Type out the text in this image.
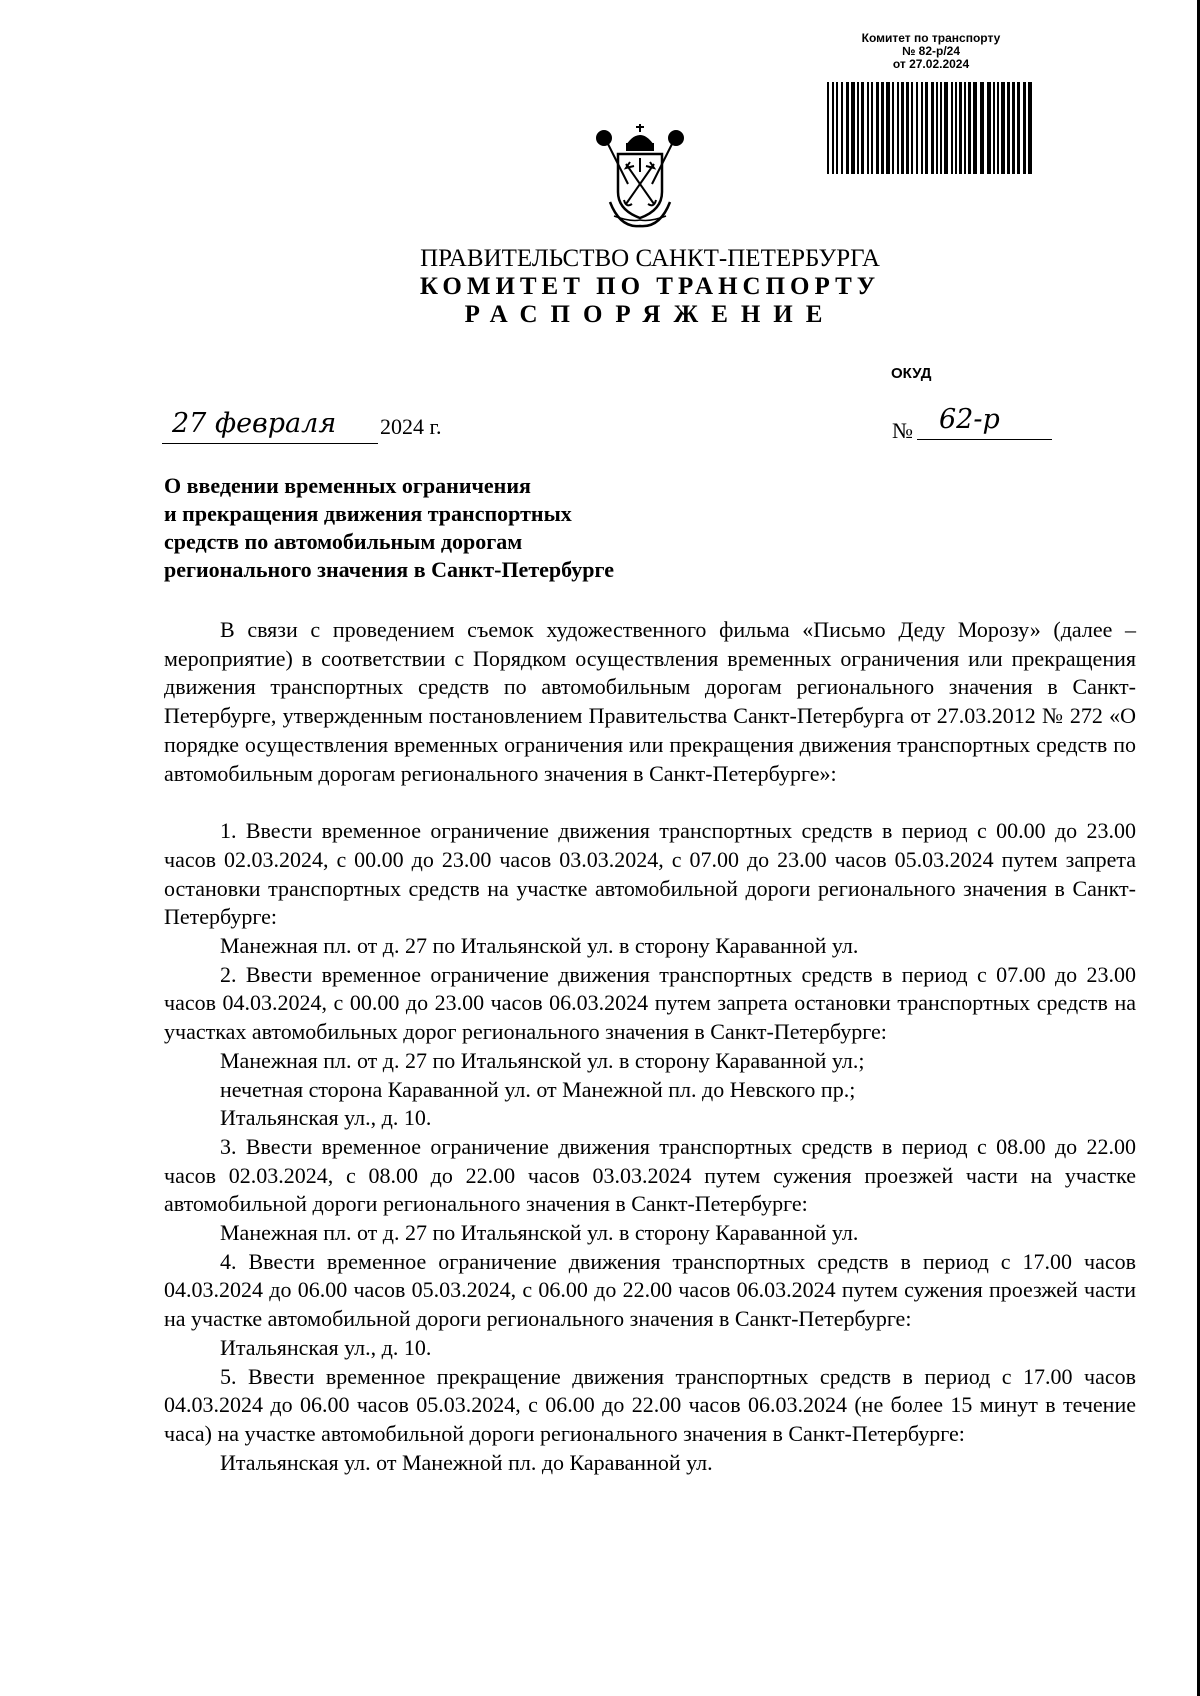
Комитет по транспорту
№ 82-р/24
от 27.02.2024
ПРАВИТЕЛЬСТВО САНКТ-ПЕТЕРБУРГА
КОМИТЕТ ПО ТРАНСПОРТУ
РАСПОРЯЖЕНИЕ
ОКУД
27 февраля	2024 г.	№ 62-р
О введении временных ограничения
и прекращения движения транспортных
средств по автомобильным дорогам
регионального значения в Санкт-Петербурге

В связи с проведением съемок художественного фильма «Письмо Деду Морозу» (далее – мероприятие) в соответствии с Порядком осуществления временных ограничения или прекращения движения транспортных средств по автомобильным дорогам регионального значения в Санкт-Петербурге, утвержденным постановлением Правительства Санкт-Петербурга от 27.03.2012 № 272 «О порядке осуществления временных ограничения или прекращения движения транспортных средств по автомобильным дорогам регионального значения в Санкт-Петербурге»:

1. Ввести временное ограничение движения транспортных средств в период с 00.00 до 23.00 часов 02.03.2024, с 00.00 до 23.00 часов 03.03.2024, с 07.00 до 23.00 часов 05.03.2024 путем запрета остановки транспортных средств на участке автомобильной дороги регионального значения в Санкт-Петербурге:

Манежная пл. от д. 27 по Итальянской ул. в сторону Караванной ул.

2. Ввести временное ограничение движения транспортных средств в период с 07.00 до 23.00 часов 04.03.2024, с 00.00 до 23.00 часов 06.03.2024 путем запрета остановки транспортных средств на участках автомобильных дорог регионального значения в Санкт-Петербурге:

Манежная пл. от д. 27 по Итальянской ул. в сторону Караванной ул.;

нечетная сторона Караванной ул. от Манежной пл. до Невского пр.;

Итальянская ул., д. 10.

3. Ввести временное ограничение движения транспортных средств в период с 08.00 до 22.00 часов 02.03.2024, с 08.00 до 22.00 часов 03.03.2024 путем сужения проезжей части на участке автомобильной дороги регионального значения в Санкт-Петербурге:

Манежная пл. от д. 27 по Итальянской ул. в сторону Караванной ул.

4. Ввести временное ограничение движения транспортных средств в период с 17.00 часов 04.03.2024 до 06.00 часов 05.03.2024, с 06.00 до 22.00 часов 06.03.2024 путем сужения проезжей части на участке автомобильной дороги регионального значения в Санкт-Петербурге:

Итальянская ул., д. 10.

5. Ввести временное прекращение движения транспортных средств в период с 17.00 часов 04.03.2024 до 06.00 часов 05.03.2024, с 06.00 до 22.00 часов 06.03.2024 (не более 15 минут в течение часа) на участке автомобильной дороги регионального значения в Санкт-Петербурге:

Итальянская ул. от Манежной пл. до Караванной ул.
